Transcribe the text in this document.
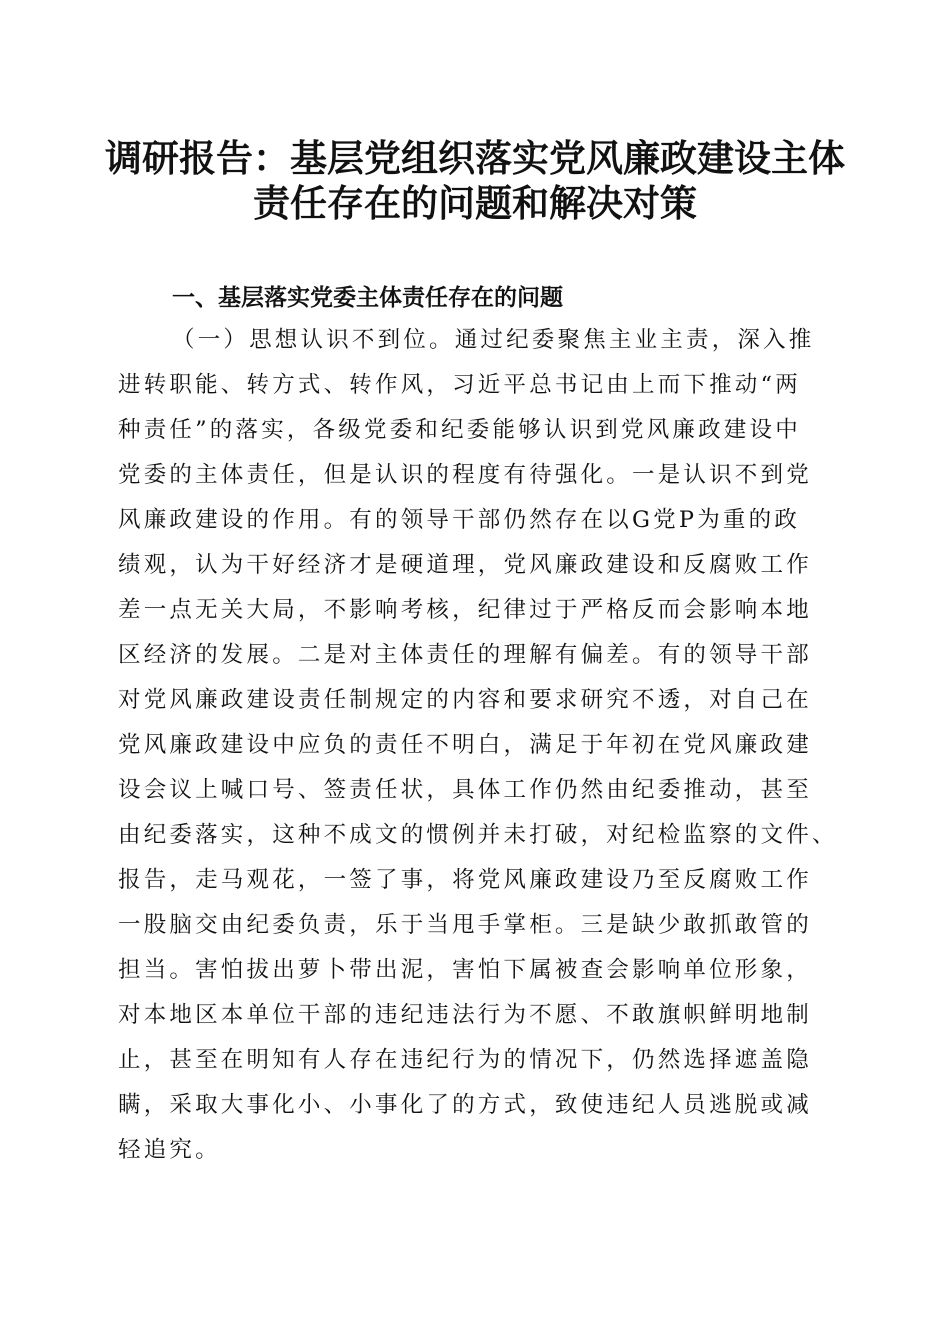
调研报告：基层党组织落实党风廉政建设主体
责任存在的问题和解决对策
一、基层落实党委主体责任存在的问题
（一）思想认识不到位。通过纪委聚焦主业主责，深入推
进转职能、转方式、转作风，习近平总书记由上而下推动“两
种责任”的落实，各级党委和纪委能够认识到党风廉政建设中
党委的主体责任，但是认识的程度有待强化。一是认识不到党
风廉政建设的作用。有的领导干部仍然存在以G党P为重的政
绩观，认为干好经济才是硬道理，党风廉政建设和反腐败工作
差一点无关大局，不影响考核，纪律过于严格反而会影响本地
区经济的发展。二是对主体责任的理解有偏差。有的领导干部
对党风廉政建设责任制规定的内容和要求研究不透，对自己在
党风廉政建设中应负的责任不明白，满足于年初在党风廉政建
设会议上喊口号、签责任状，具体工作仍然由纪委推动，甚至
由纪委落实，这种不成文的惯例并未打破，对纪检监察的文件、
报告，走马观花，一签了事，将党风廉政建设乃至反腐败工作
一股脑交由纪委负责，乐于当甩手掌柜。三是缺少敢抓敢管的
担当。害怕拔出萝卜带出泥，害怕下属被查会影响单位形象，
对本地区本单位干部的违纪违法行为不愿、不敢旗帜鲜明地制
止，甚至在明知有人存在违纪行为的情况下，仍然选择遮盖隐
瞒，采取大事化小、小事化了的方式，致使违纪人员逃脱或减
轻追究。
